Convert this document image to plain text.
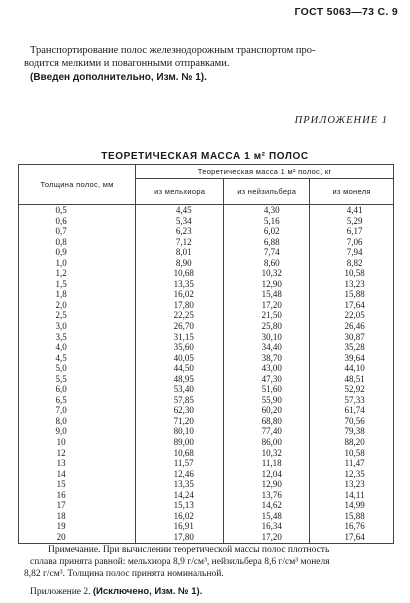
ГОСТ 5063—73 С. 9
Транспортирование полос железнодорожным транспортом про-
водится мелкими и повагонными отправками.
(Введен дополнительно, Изм. № 1).
ПРИЛОЖЕНИЕ 1
ТЕОРЕТИЧЕСКАЯ МАССА 1 м² ПОЛОС
Толщина полос, мм	Теоретическая масса 1 м² полос, кг		
	из мельхиора	из нейзильбера	из монеля
0,5	4,45	4,30	4,41
0,6	5,34	5,16	5,29
0,7	6,23	6,02	6,17
0,8	7,12	6,88	7,06
0,9	8,01	7,74	7,94
1,0	8,90	8,60	8,82
1,2	10,68	10,32	10,58
1,5	13,35	12,90	13,23
1,8	16,02	15,48	15,88
2,0	17,80	17,20	17,64
2,5	22,25	21,50	22,05
3,0	26,70	25,80	26,46
3,5	31,15	30,10	30,87
4,0	35,60	34,40	35,28
4,5	40,05	38,70	39,64
5,0	44,50	43,00	44,10
5,5	48,95	47,30	48,51
6,0	53,40	51,60	52,92
6,5	57,85	55,90	57,33
7,0	62,30	60,20	61,74
8,0	71,20	68,80	70,56
9,0	80,10	77,40	79,38
10	89,00	86,00	88,20
12	10,68	10,32	10,58
13	11,57	11,18	11,47
14	12,46	12,04	12,35
15	13,35	12,90	13,23
16	14,24	13,76	14,11
17	15,13	14,62	14,99
18	16,02	15,48	15,88
19	16,91	16,34	16,76
20	17,80	17,20	17,64
Примечание. При вычислении теоретической массы полос плотность
сплава принята равной: мельхиора 8,9 г/см³, нейзильбера 8,6 г/см³ монеля
8,82 г/см³. Толщина полос принята номинальной.
Приложение 2. (Исключено, Изм. № 1).
